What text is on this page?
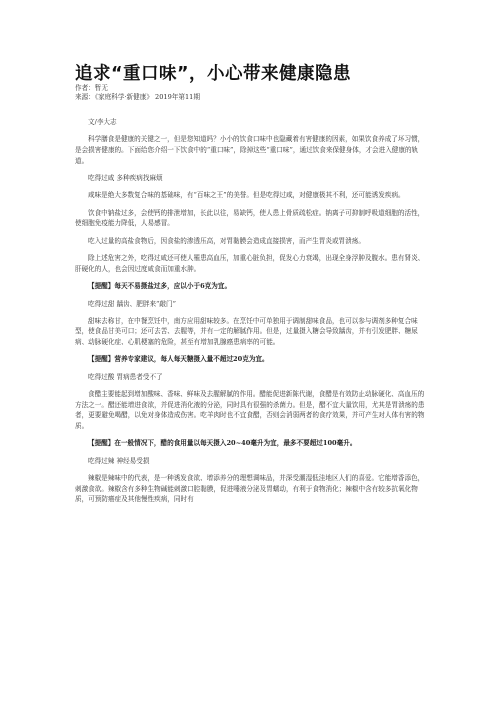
追求“重口味”，小心带来健康隐患
作者：暂无
来源：《家庭科学·新健康》 2019年第11期

文/李大志

科学膳食是健康的关键之一，但是您知道吗？小小的饮食口味中也隐藏着有害健康的因素，如果饮食养成了坏习惯，是会损害健康的。下面给您介绍一下饮食中的“重口味”，除掉这些“重口味”，通过饮食来保健身体，才会进入健康的轨道。

吃得过咸 多种疾病找麻烦

咸味是绝大多数复合味的基础味，有“百味之王”的美誉。但是吃得过咸，对健康极其不利，还可能诱发疾病。

饮食中钠盐过多，会使钙的排泄增加，长此以往，易缺钙，使人患上骨质疏松症。钠离子可抑制呼吸道细胞的活性，使细胞免疫能力降低，人易感冒。

吃入过量的高盐食物后，因食盐的渗透压高，对胃黏膜会造成直接损害，而产生胃炎或胃溃疡。

除上述危害之外，吃得过咸还可使人罹患高血压，加重心脏负担，促发心力衰竭，出现全身浮肿及腹水。患有肾炎、肝硬化的人，也会因过度咸食而加重水肿。

【提醒】每天不易摄盐过多，应以小于6克为宜。

吃得过甜 龋齿、肥胖来“敲门”

甜味去称甘，在中餐烹饪中，南方应用甜味较多。在烹饪中可单独用于调制甜味食品，也可以参与调剂多种复合味型，使食品甘美可口；还可去苦、去腥等，并有一定的解腻作用。但是，过量摄入糖会导致龋齿，并有引发肥胖、糖尿病、动脉硬化症、心肌梗塞的危险，甚至有增加乳腺癌患病率的可能。

【提醒】营养专家建议，每人每天糖摄入量不超过20克为宜。

吃得过酸 胃病患者受不了

食醋主要能起到增加酸味、香味、鲜味及去腥解腻的作用。醋能促进新陈代谢，食醋是有效防止动脉硬化、高血压的方法之一。醋还能增进食欲，并促进消化液的分泌，同时具有很强的杀菌力。但是，醋不宜大量饮用，尤其是胃溃疡的患者，更要避免喝醋，以免对身体造成伤害。吃羊肉时也不宜食醋，否则会消弱两者的食疗效果，并可产生对人体有害的物质。

【提醒】在一般情况下，醋的食用量以每天摄入20~40毫升为宜，最多不要超过100毫升。

吃得过辣 神经易受损

辣椒是辣味中的代表，是一种诱发食欲、增添养分的理想调味品，并深受潮湿低洼地区人们的喜爱。它能增香添色，刺激食欲。辣椒含有多种生物碱能刺激口腔黏膜，促进唾液分泌及胃蠕动，有利于食物消化；辣椒中含有较多抗氧化物质，可预防癌症及其他慢性疾病，同时有
